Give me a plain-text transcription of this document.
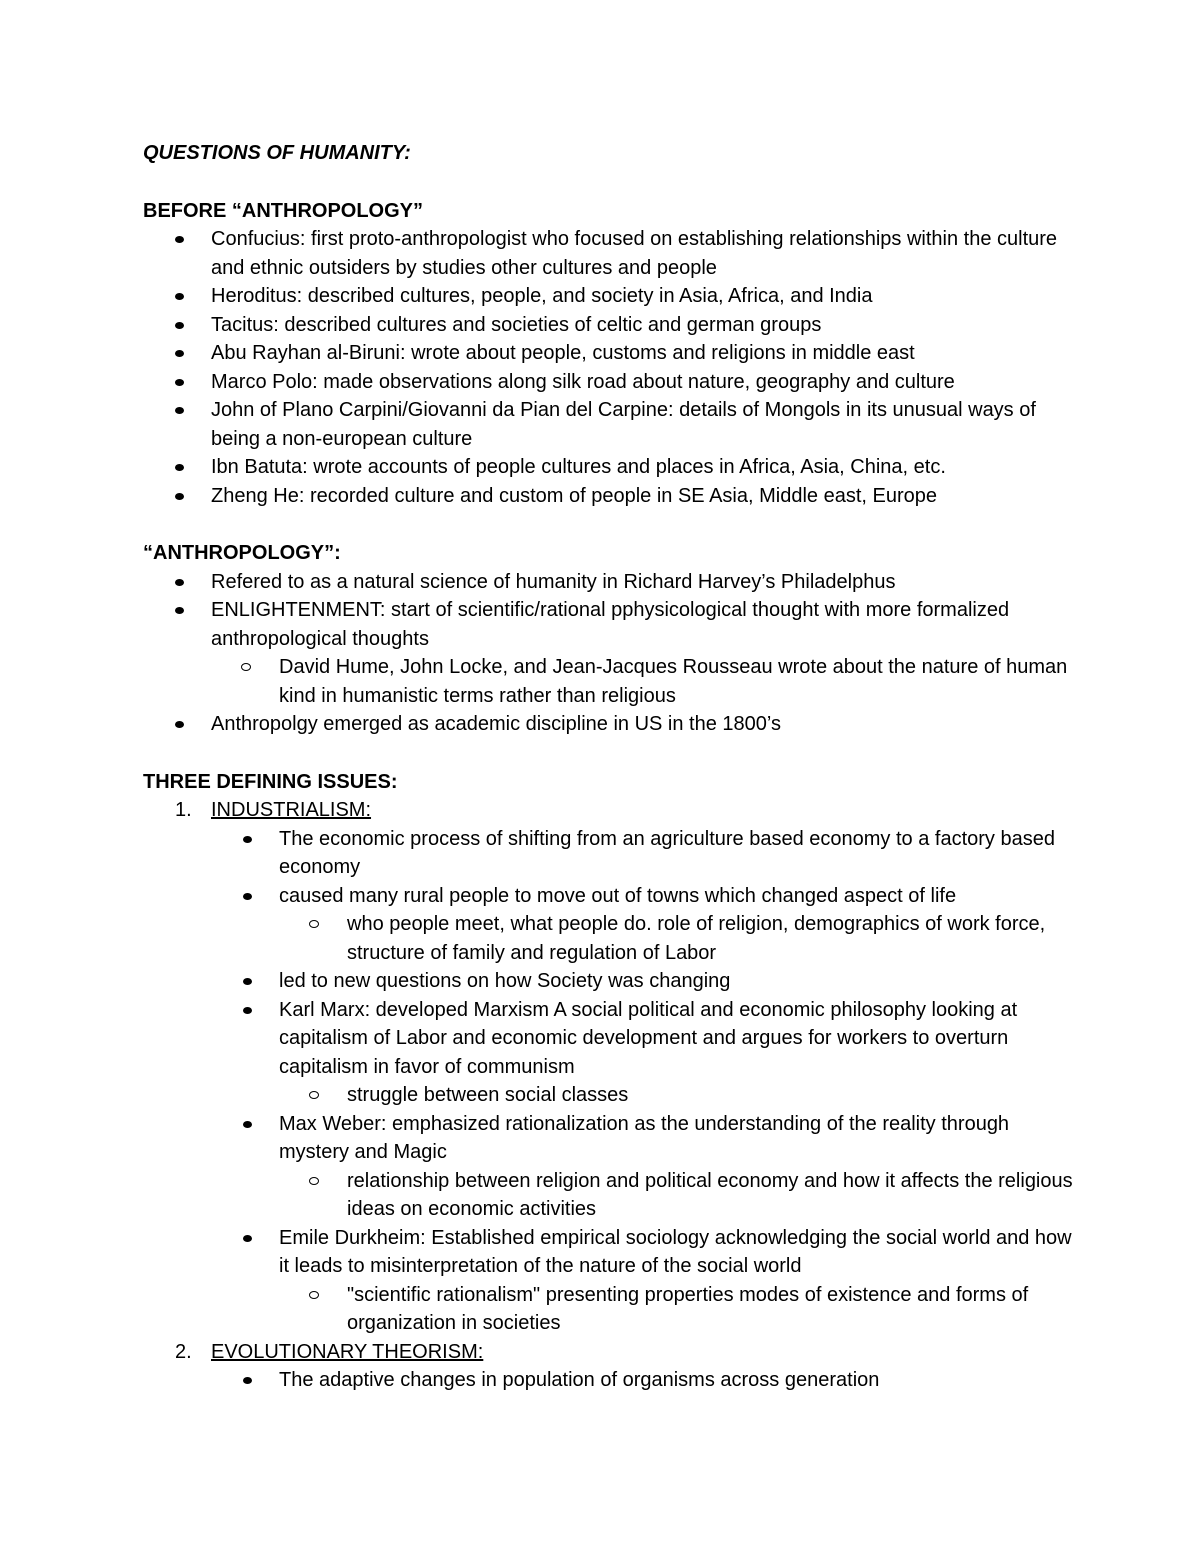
QUESTIONS OF HUMANITY:

BEFORE “ANTHROPOLOGY”

Confucius: first proto-anthropologist who focused on establishing relationships within the culture and ethnic outsiders by studies other cultures and people
Heroditus: described cultures, people, and society in Asia, Africa, and India
Tacitus: described cultures and societies of celtic and german groups
Abu Rayhan al-Biruni: wrote about people, customs and religions in middle east
Marco Polo: made observations along silk road about nature, geography and culture
John of Plano Carpini/Giovanni da Pian del Carpine: details of Mongols in its unusual ways of being a non-european culture
Ibn Batuta: wrote accounts of people cultures and places in Africa, Asia, China, etc.
Zheng He: recorded culture and custom of people in SE Asia, Middle east, Europe

“ANTHROPOLOGY”:

Refered to as a natural science of humanity in Richard Harvey’s Philadelphus
ENLIGHTENMENT: start of scientific/rational pphysicological thought with more formalized anthropological thoughts
David Hume, John Locke, and Jean-Jacques Rousseau wrote about the nature of human kind in humanistic terms rather than religious
Anthropolgy emerged as academic discipline in US in the 1800’s

THREE DEFINING ISSUES:

1. INDUSTRIALISM:
The economic process of shifting from an agriculture based economy to a factory based economy
caused many rural people to move out of towns which changed aspect of life
who people meet, what people do. role of religion, demographics of work force, structure of family and regulation of Labor
led to new questions on how Society was changing
Karl Marx: developed Marxism A social political and economic philosophy looking at capitalism of Labor and economic development and argues for workers to overturn capitalism in favor of communism
struggle between social classes
Max Weber: emphasized rationalization as the understanding of the reality through mystery and Magic
relationship between religion and political economy and how it affects the religious ideas on economic activities
Emile Durkheim: Established empirical sociology acknowledging the social world and how it leads to misinterpretation of the nature of the social world
"scientific rationalism" presenting properties modes of existence and forms of organization in societies
2. EVOLUTIONARY THEORISM:
The adaptive changes in population of organisms across generation
